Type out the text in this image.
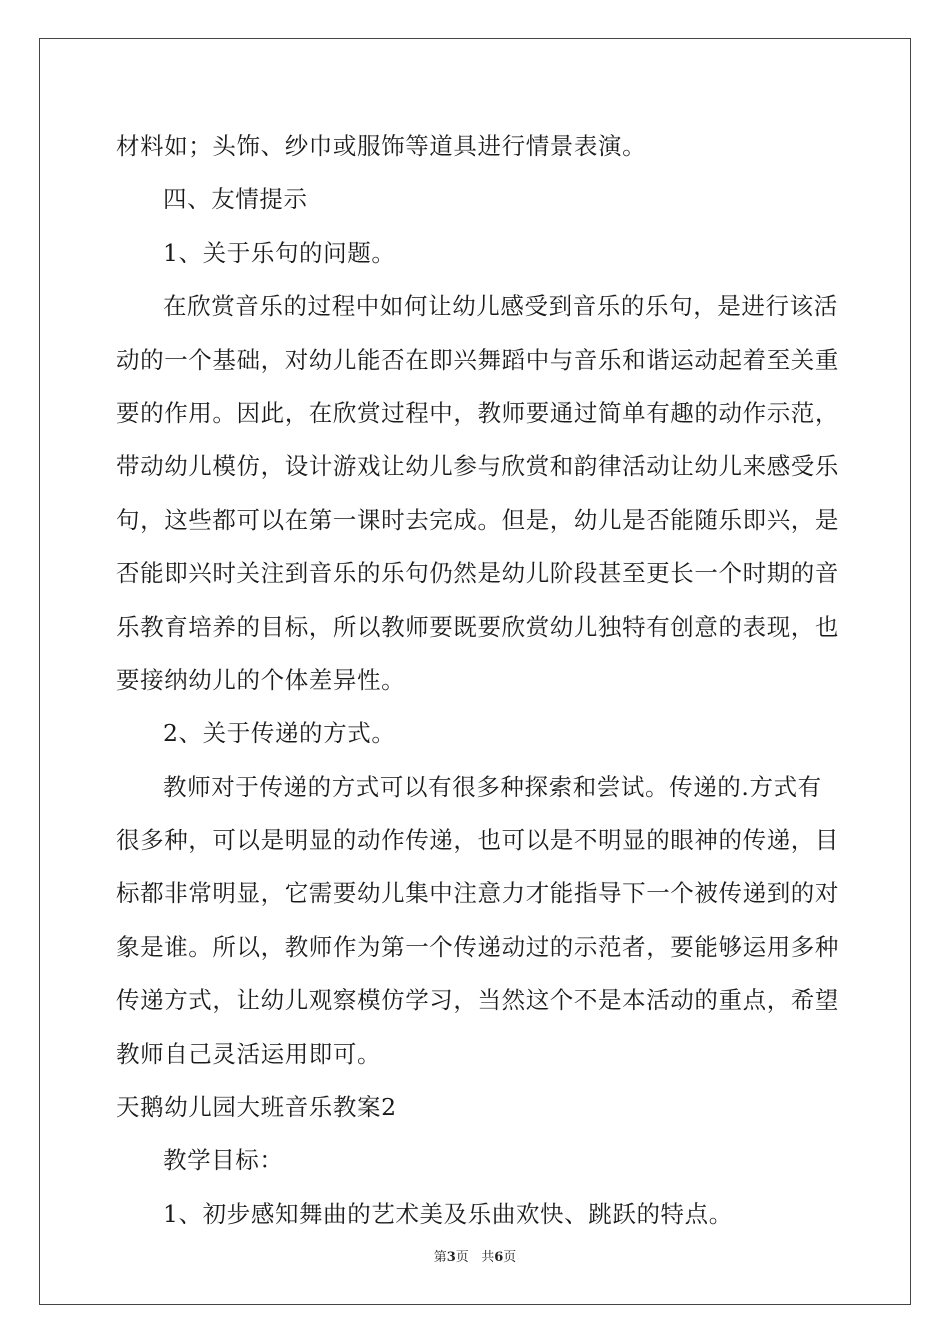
材料如；头饰、纱巾或服饰等道具进行情景表演。
四、友情提示
1、关于乐句的问题。
在欣赏音乐的过程中如何让幼儿感受到音乐的乐句，是进行该活
动的一个基础，对幼儿能否在即兴舞蹈中与音乐和谐运动起着至关重
要的作用。因此，在欣赏过程中，教师要通过简单有趣的动作示范，
带动幼儿模仿，设计游戏让幼儿参与欣赏和韵律活动让幼儿来感受乐
句，这些都可以在第一课时去完成。但是，幼儿是否能随乐即兴，是
否能即兴时关注到音乐的乐句仍然是幼儿阶段甚至更长一个时期的音
乐教育培养的目标，所以教师要既要欣赏幼儿独特有创意的表现，也
要接纳幼儿的个体差异性。
2、关于传递的方式。
教师对于传递的方式可以有很多种探索和尝试。传递的.方式有
很多种，可以是明显的动作传递，也可以是不明显的眼神的传递，目
标都非常明显，它需要幼儿集中注意力才能指导下一个被传递到的对
象是谁。所以，教师作为第一个传递动过的示范者，要能够运用多种
传递方式，让幼儿观察模仿学习，当然这个不是本活动的重点，希望
教师自己灵活运用即可。
天鹅幼儿园大班音乐教案2
教学目标：
1、初步感知舞曲的艺术美及乐曲欢快、跳跃的特点。
第3页 共6页
